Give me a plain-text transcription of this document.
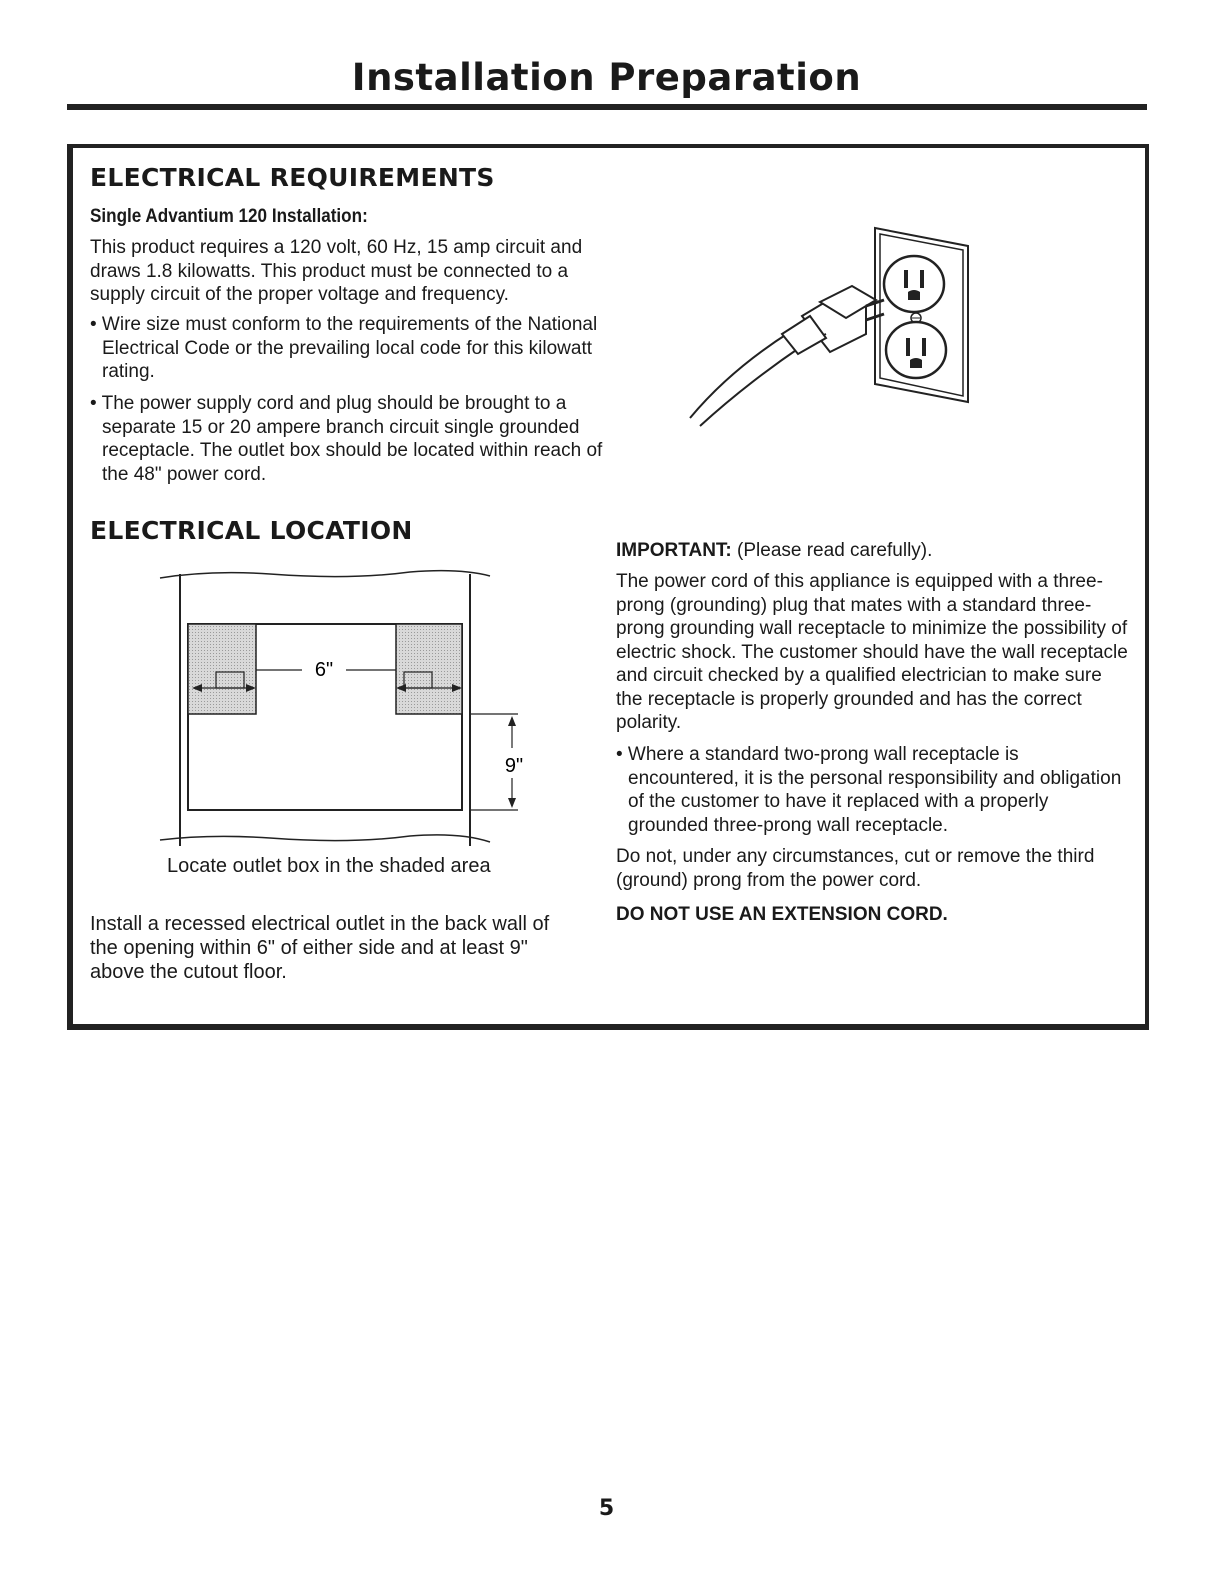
Installation Preparation
ELECTRICAL REQUIREMENTS
Single Advantium 120 Installation:

This product requires a 120 volt, 60 Hz, 15 amp circuit and draws 1.8 kilowatts. This product must be connected to a supply circuit of the proper voltage and frequency.

• Wire size must conform to the requirements of the National Electrical Code or the prevailing local code for this kilowatt rating.

• The power supply cord and plug should be brought to a separate 15 or 20 ampere branch circuit single grounded receptacle. The outlet box should be located within reach of the 48" power cord.

ELECTRICAL LOCATION
6"
9"
Locate outlet box in the shaded area

Install a recessed electrical outlet in the back wall of the opening within 6" of either side and at least 9" above the cutout floor.

IMPORTANT: (Please read carefully).

The power cord of this appliance is equipped with a three-prong (grounding) plug that mates with a standard three-prong grounding wall receptacle to minimize the possibility of electric shock. The customer should have the wall receptacle and circuit checked by a qualified electrician to make sure the receptacle is properly grounded and has the correct polarity.

• Where a standard two-prong wall receptacle is encountered, it is the personal responsibility and obligation of the customer to have it replaced with a properly grounded three-prong wall receptacle.

Do not, under any circumstances, cut or remove the third (ground) prong from the power cord.

DO NOT USE AN EXTENSION CORD.

5
